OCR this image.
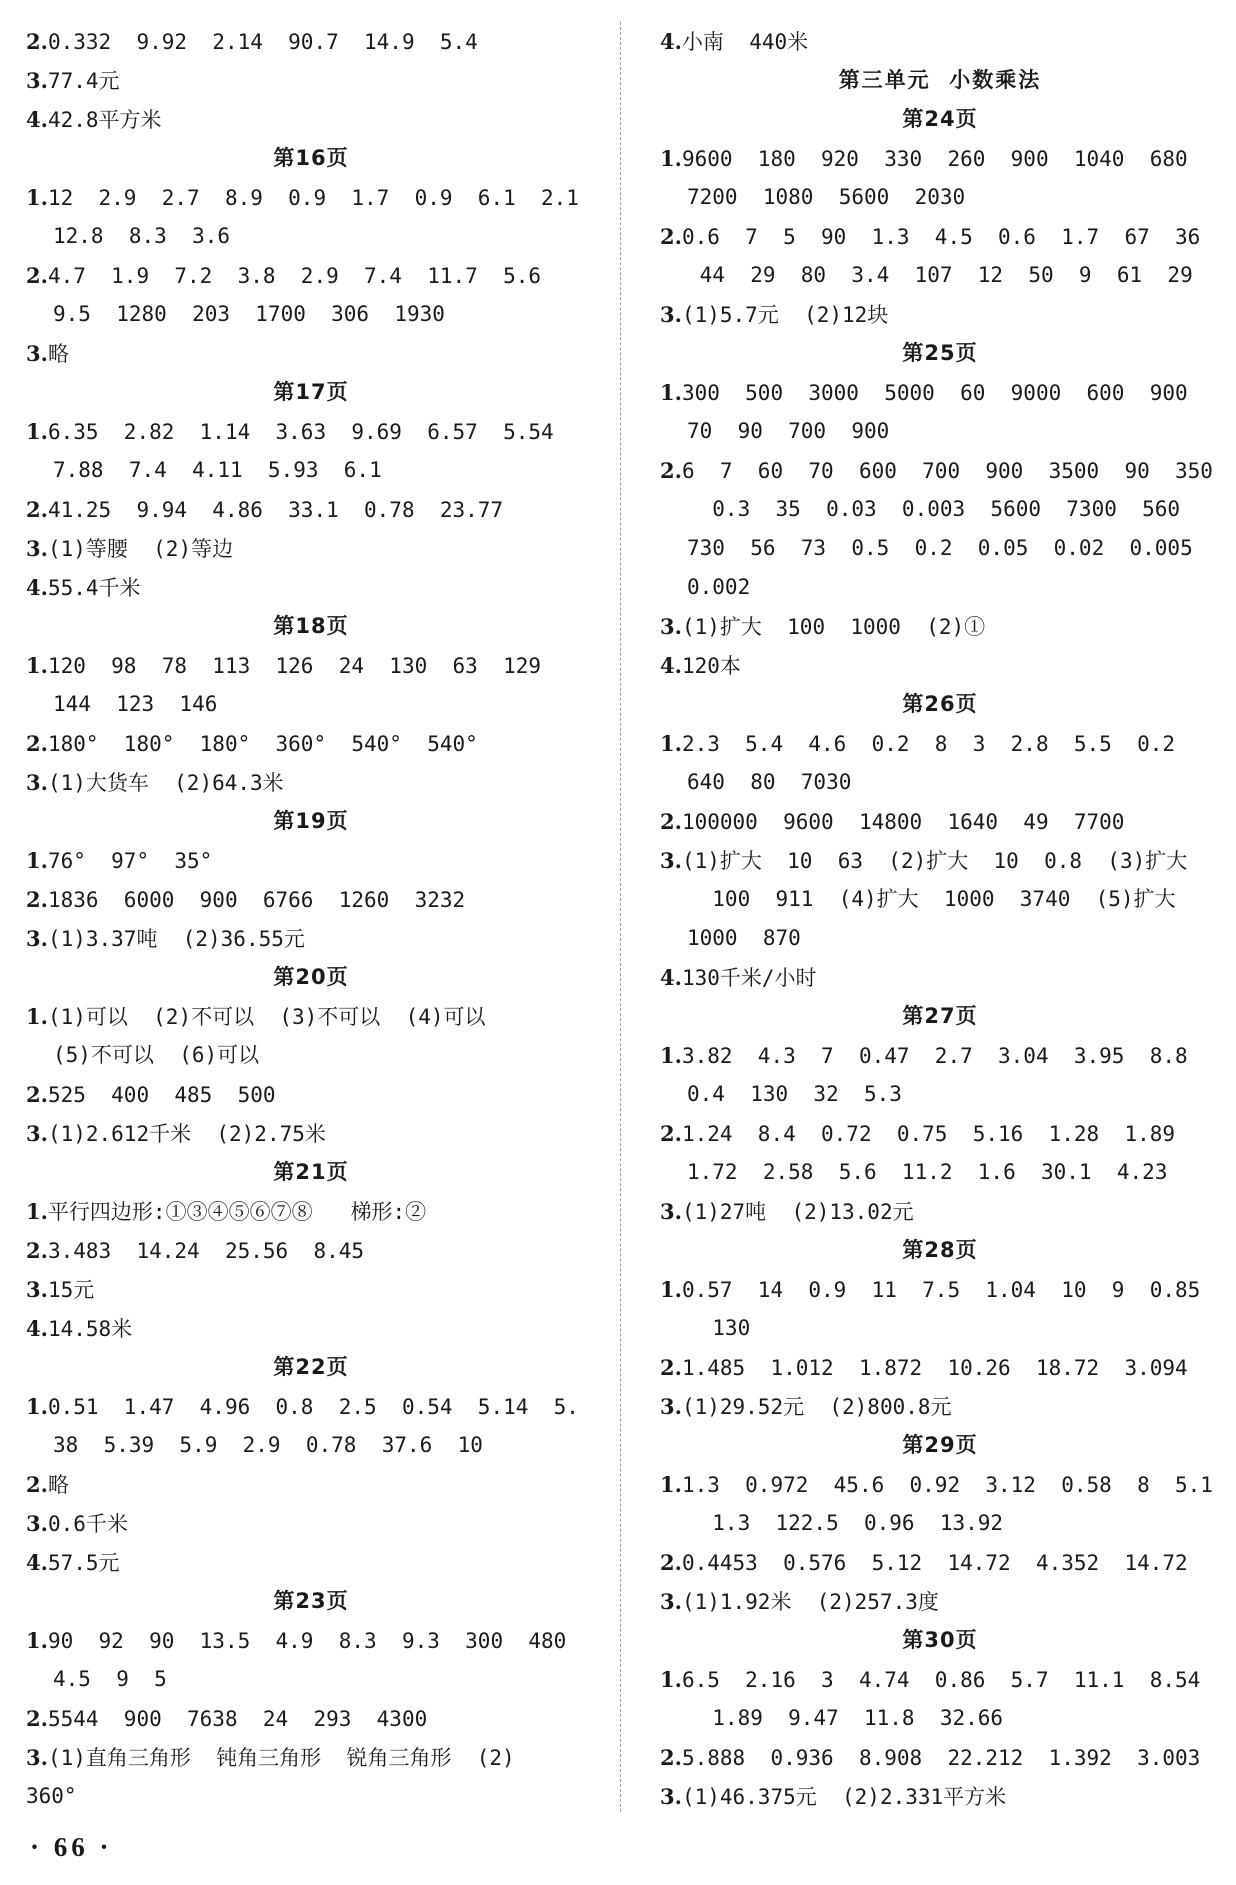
2.0.332  9.92  2.14  90.7  14.9  5.4
3.77.4元
4.42.8平方米
第16页
1.12  2.9  2.7  8.9  0.9  1.7  0.9  6.1  2.1
12.8  8.3  3.6
2.4.7  1.9  7.2  3.8  2.9  7.4  11.7  5.6
9.5  1280  203  1700  306  1930
3.略
第17页
1.6.35  2.82  1.14  3.63  9.69  6.57  5.54
7.88  7.4  4.11  5.93  6.1
2.41.25  9.94  4.86  33.1  0.78  23.77
3.(1)等腰  (2)等边
4.55.4千米
第18页
1.120  98  78  113  126  24  130  63  129
144  123  146
2.180°  180°  180°  360°  540°  540°
3.(1)大货车  (2)64.3米
第19页
1.76°  97°  35°
2.1836  6000  900  6766  1260  3232
3.(1)3.37吨  (2)36.55元
第20页
1.(1)可以  (2)不可以  (3)不可以  (4)可以
(5)不可以  (6)可以
2.525  400  485  500
3.(1)2.612千米  (2)2.75米
第21页
1.平行四边形:①③④⑤⑥⑦⑧   梯形:②
2.3.483  14.24  25.56  8.45
3.15元
4.14.58米
第22页
1.0.51  1.47  4.96  0.8  2.5  0.54  5.14  5.
38  5.39  5.9  2.9  0.78  37.6  10
2.略
3.0.6千米
4.57.5元
第23页
1.90  92  90  13.5  4.9  8.3  9.3  300  480
4.5  9  5
2.5544  900  7638  24  293  4300
3.(1)直角三角形  钝角三角形  锐角三角形  (2)
360°
4.小南  440米
第三单元  小数乘法
第24页
1.9600  180  920  330  260  900  1040  680
7200  1080  5600  2030
2.0.6  7  5  90  1.3  4.5  0.6  1.7  67  36
44  29  80  3.4  107  12  50  9  61  29
3.(1)5.7元  (2)12块
第25页
1.300  500  3000  5000  60  9000  600  900
70  90  700  900
2.6  7  60  70  600  700  900  3500  90  350
0.3  35  0.03  0.003  5600  7300  560
730  56  73  0.5  0.2  0.05  0.02  0.005
0.002
3.(1)扩大  100  1000  (2)①
4.120本
第26页
1.2.3  5.4  4.6  0.2  8  3  2.8  5.5  0.2
640  80  7030
2.100000  9600  14800  1640  49  7700
3.(1)扩大  10  63  (2)扩大  10  0.8  (3)扩大
100  911  (4)扩大  1000  3740  (5)扩大
1000  870
4.130千米/小时
第27页
1.3.82  4.3  7  0.47  2.7  3.04  3.95  8.8
0.4  130  32  5.3
2.1.24  8.4  0.72  0.75  5.16  1.28  1.89
1.72  2.58  5.6  11.2  1.6  30.1  4.23
3.(1)27吨  (2)13.02元
第28页
1.0.57  14  0.9  11  7.5  1.04  10  9  0.85
130
2.1.485  1.012  1.872  10.26  18.72  3.094
3.(1)29.52元  (2)800.8元
第29页
1.1.3  0.972  45.6  0.92  3.12  0.58  8  5.1
1.3  122.5  0.96  13.92
2.0.4453  0.576  5.12  14.72  4.352  14.72
3.(1)1.92米  (2)257.3度
第30页
1.6.5  2.16  3  4.74  0.86  5.7  11.1  8.54
1.89  9.47  11.8  32.66
2.5.888  0.936  8.908  22.212  1.392  3.003
3.(1)46.375元  (2)2.331平方米
· 66 ·
